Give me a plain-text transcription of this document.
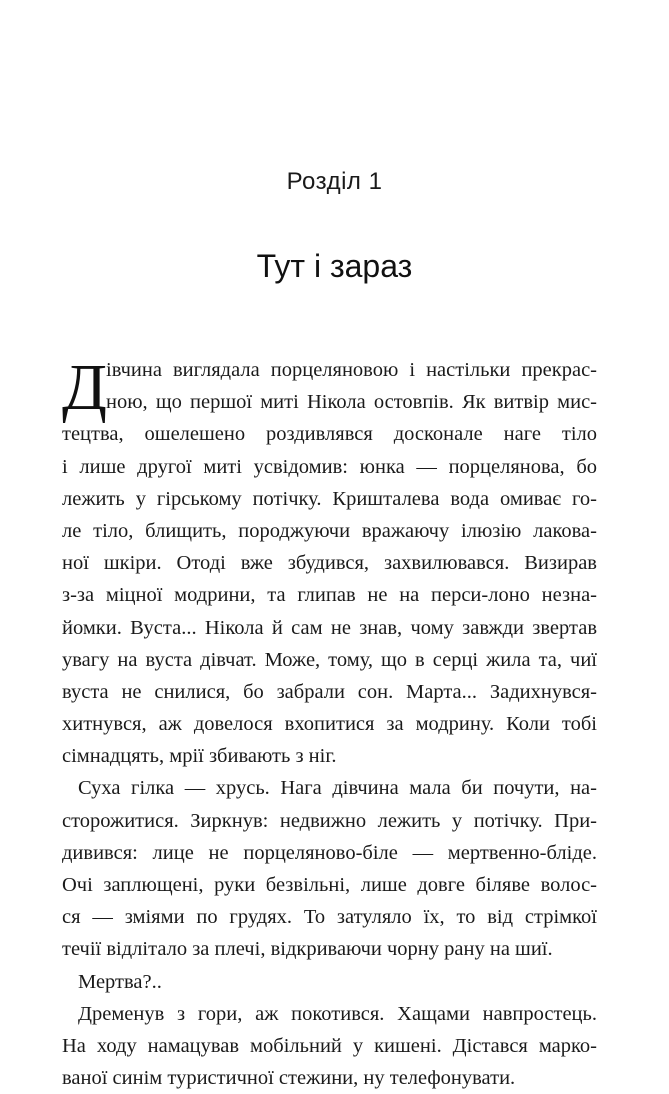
Розділ 1
Тут і зараз
Д
івчина виглядала порцеляновою і настільки прекрас-
ною, що першої миті Нікола остовпів. Як витвір мис-
тецтва, ошелешено роздивлявся досконале наге тіло
і лише другої миті усвідомив: юнка — порцелянова, бо
лежить у гірському потічку. Кришталева вода омиває го-
ле тіло, блищить, породжуючи вражаючу ілюзію лакова-
ної шкіри. Отоді вже збудився, захвилювався. Визирав
з-за міцної модрини, та глипав не на перси-лоно незна-
йомки. Вуста... Нікола й сам не знав, чому завжди звертав
увагу на вуста дівчат. Може, тому, що в серці жила та, чиї
вуста не снилися, бо забрали сон. Марта... Задихнувся-
хитнувся, аж довелося вхопитися за модрину. Коли тобі
сімнадцять, мрії збивають з ніг.
Суха гілка — хрусь. Нага дівчина мала би почути, на-
сторожитися. Зиркнув: недвижно лежить у потічку. При-
дивився: лице не порцеляново-біле — мертвенно-бліде.
Очі заплющені, руки безвільні, лише довге біляве волос-
ся — зміями по грудях. То затуляло їх, то від стрімкої
течії відлітало за плечі, відкриваючи чорну рану на шиї.
Мертва?..
Дременув з гори, аж покотився. Хащами навпростець.
На ходу намацував мобільний у кишені. Дістався марко-
ваної синім туристичної стежини, ну телефонувати.
